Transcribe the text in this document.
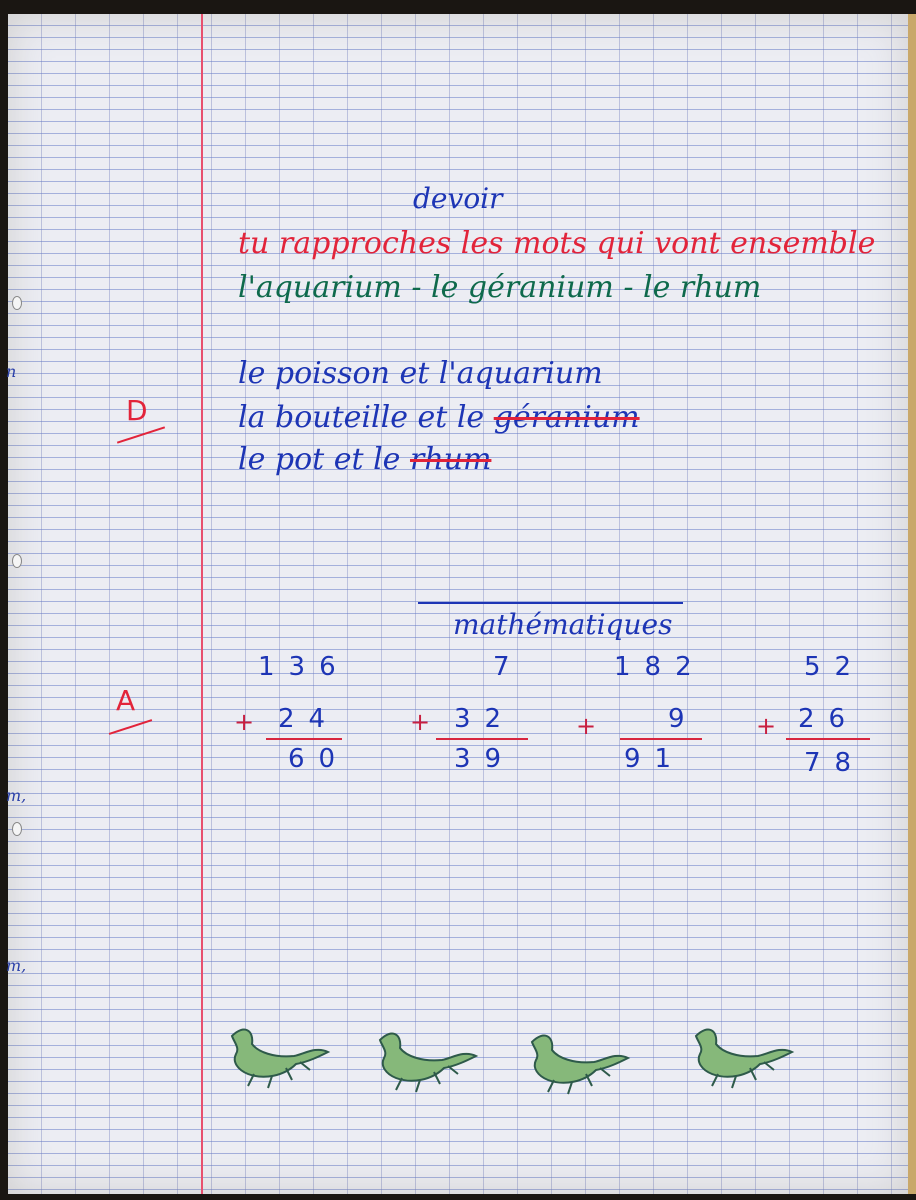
n
m,
m,
devoir
tu rapproches les mots qui vont ensemble
l'aquarium - le géranium - le rhum
le poisson et l'aquarium
la bouteille et le géranium
le pot et le rhum
D
mathématiques
A
136
+ 24
60
7
+ 32
39
182
+	9
91
52
+ 26
78
